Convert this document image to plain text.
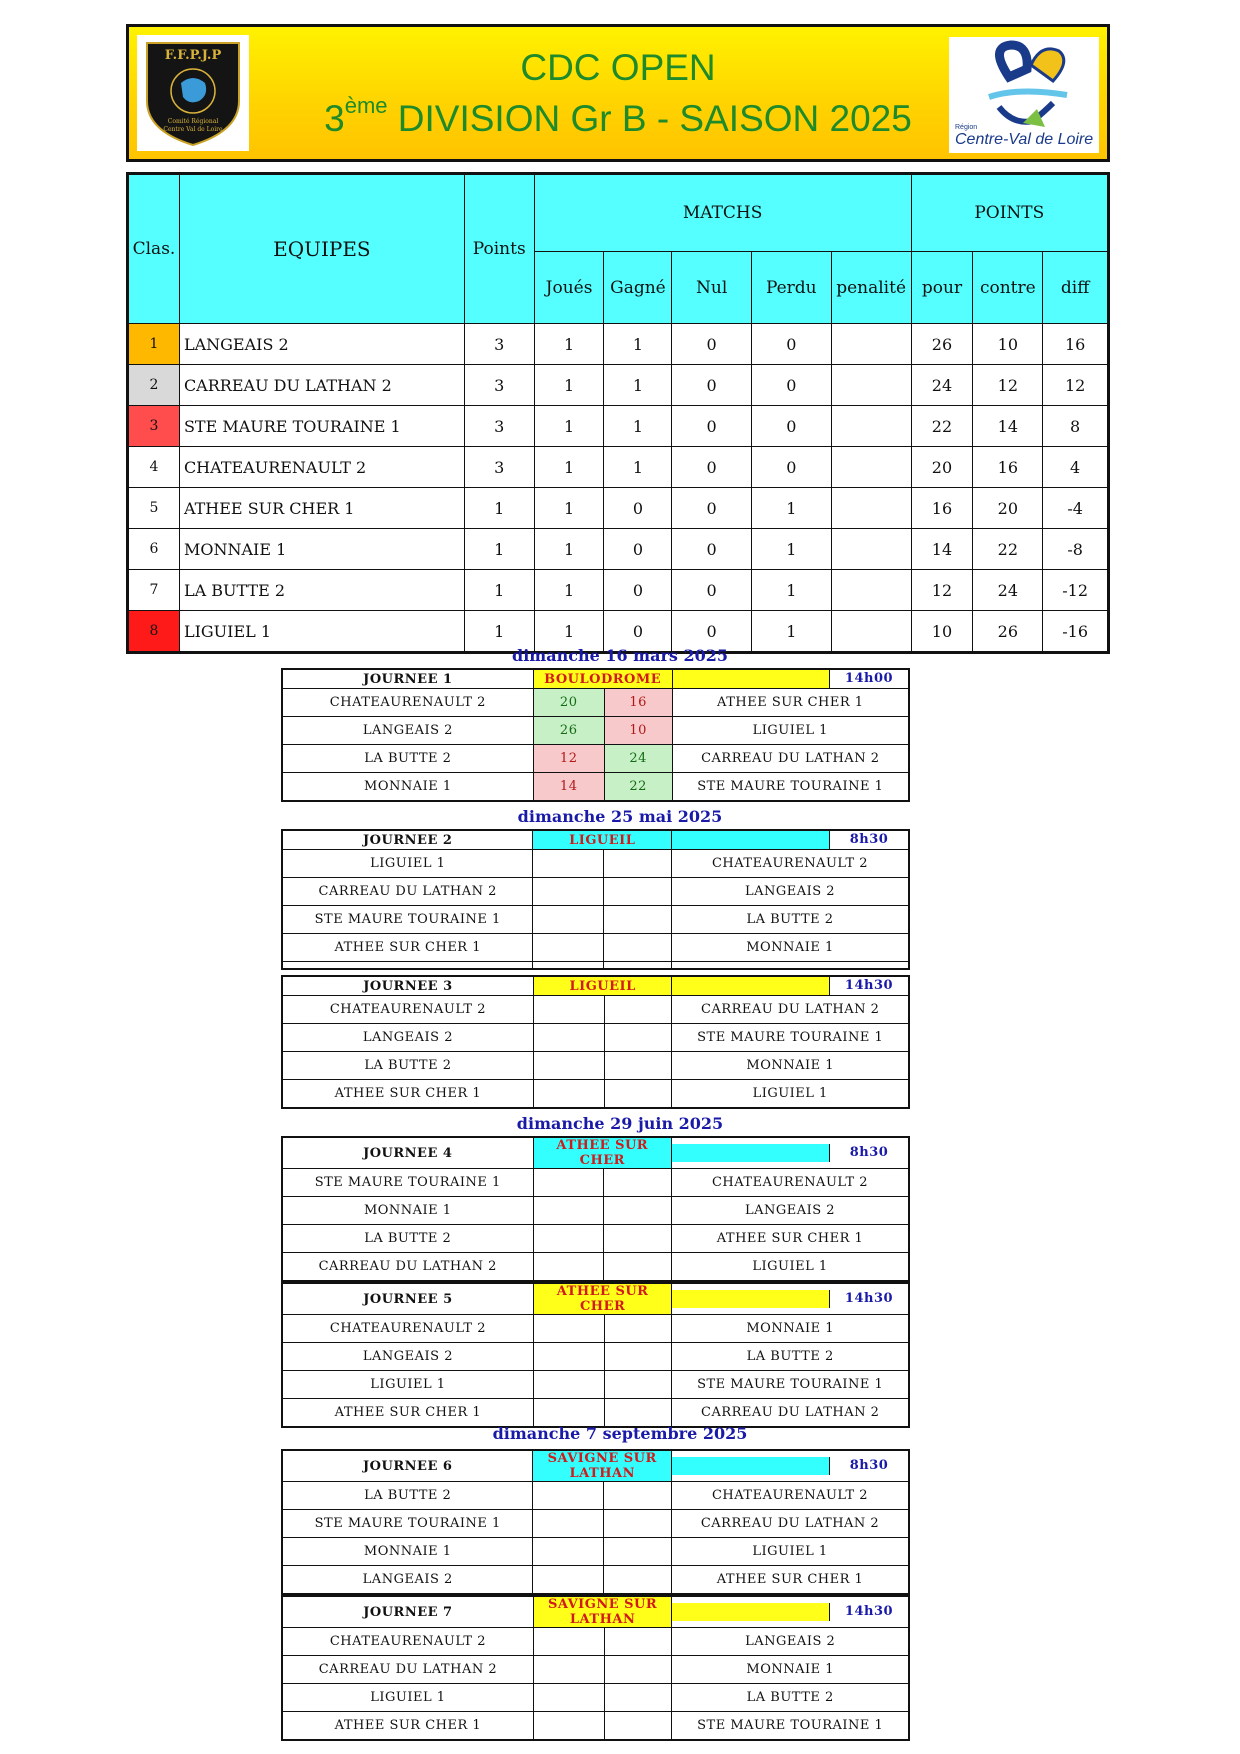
F.F.P.J.P
Comité Régional
Centre Val de Loire
CDC OPEN
3ème DIVISION Gr B - SAISON 2025	Région
Centre-Val de Loire
Clas.	EQUIPES	Points	MATCHS					POINTS		
			Joués	Gagné	Nul	Perdu	penalité	pour	contre	diff
1	LANGEAIS 2	3	1	1	0	0		26	10	16
2	CARREAU DU LATHAN 2	3	1	1	0	0		24	12	12
3	STE MAURE TOURAINE 1	3	1	1	0	0		22	14	8
4	CHATEAURENAULT 2	3	1	1	0	0		20	16	4
5	ATHEE SUR CHER 1	1	1	0	0	1		16	20	-4
6	MONNAIE 1	1	1	0	0	1		14	22	-8
7	LA BUTTE 2	1	1	0	0	1		12	24	-12
8	LIGUIEL 1	1	1	0	0	1		10	26	-16
dimanche 16 mars 2025
JOURNEE 1	BOULODROME		14h00

CHATEAURENAULT 2	20	16	ATHEE SUR CHER 1
LANGEAIS 2	26	10	LIGUIEL 1
LA BUTTE 2	12	24	CARREAU DU LATHAN 2
MONNAIE 1	14	22	STE MAURE TOURAINE 1
dimanche 25 mai 2025
JOURNEE 2	LIGUEIL		8h30

LIGUIEL 1			CHATEAURENAULT 2
CARREAU DU LATHAN 2			LANGEAIS 2
STE MAURE TOURAINE 1			LA BUTTE 2
ATHEE SUR CHER 1			MONNAIE 1

JOURNEE 3	LIGUEIL		14h30

CHATEAURENAULT 2			CARREAU DU LATHAN 2
LANGEAIS 2			STE MAURE TOURAINE 1
LA BUTTE 2			MONNAIE 1
ATHEE SUR CHER 1			LIGUIEL 1
dimanche 29 juin 2025
JOURNEE 4	ATHEE SUR CHER		8h30

STE MAURE TOURAINE 1			CHATEAURENAULT 2
MONNAIE 1			LANGEAIS 2
LA BUTTE 2			ATHEE SUR CHER 1
CARREAU DU LATHAN 2			LIGUIEL 1
JOURNEE 5	ATHEE SUR CHER		14h30

CHATEAURENAULT 2			MONNAIE 1
LANGEAIS 2			LA BUTTE 2
LIGUIEL 1			STE MAURE TOURAINE 1
ATHEE SUR CHER 1			CARREAU DU LATHAN 2
dimanche 7 septembre 2025
JOURNEE 6	SAVIGNE SUR LATHAN		8h30

LA BUTTE 2			CHATEAURENAULT 2
STE MAURE TOURAINE 1			CARREAU DU LATHAN 2
MONNAIE 1			LIGUIEL 1
LANGEAIS 2			ATHEE SUR CHER 1
JOURNEE 7	SAVIGNE SUR LATHAN		14h30

CHATEAURENAULT 2			LANGEAIS 2
CARREAU DU LATHAN 2			MONNAIE 1
LIGUIEL 1			LA BUTTE 2
ATHEE SUR CHER 1			STE MAURE TOURAINE 1
